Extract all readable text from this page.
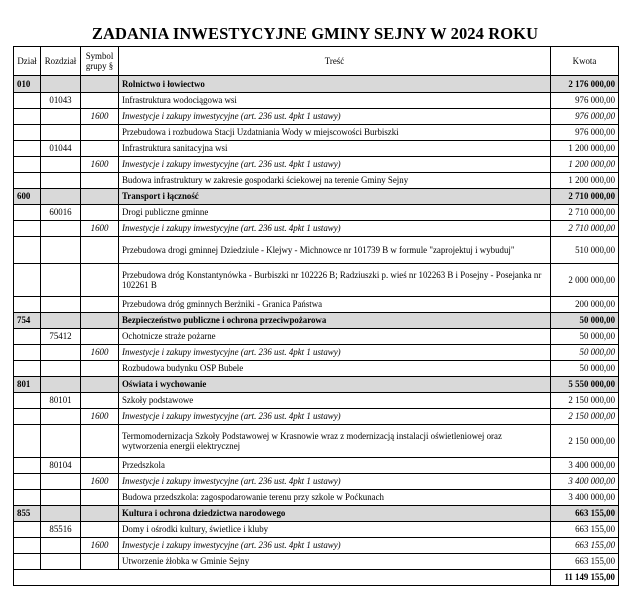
ZADANIA INWESTYCYJNE GMINY SEJNY W 2024 ROKU
Dział	Rozdział	Symbol grupy §	Treść	Kwota
010			Rolnictwo i łowiectwo	2 176 000,00
	01043		Infrastruktura wodociągowa wsi	976 000,00
		1600	Inwestycje i zakupy inwestycyjne (art. 236 ust. 4pkt 1 ustawy)	976 000,00
			Przebudowa i rozbudowa Stacji Uzdatniania Wody w miejscowości Burbiszki	976 000,00
	01044		Infrastruktura sanitacyjna wsi	1 200 000,00
		1600	Inwestycje i zakupy inwestycyjne (art. 236 ust. 4pkt 1 ustawy)	1 200 000,00
			Budowa infrastruktury w zakresie gospodarki ściekowej na terenie Gminy Sejny	1 200 000,00
600			Transport i łączność	2 710 000,00
	60016		Drogi publiczne gminne	2 710 000,00
		1600	Inwestycje i zakupy inwestycyjne (art. 236 ust. 4pkt 1 ustawy)	2 710 000,00
			Przebudowa drogi gminnej Dziedziule - Klejwy - Michnowce nr 101739 B w formule "zaprojektuj i wybuduj"	510 000,00
			Przebudowa dróg Konstantynówka - Burbiszki nr 102226 B; Radziuszki p. wieś nr 102263 B i Posejny - Posejanka nr 102261 B	2 000 000,00
			Przebudowa dróg gminnych Berżniki - Granica Państwa	200 000,00
754			Bezpieczeństwo publiczne i ochrona przeciwpożarowa	50 000,00
	75412		Ochotnicze straże pożarne	50 000,00
		1600	Inwestycje i zakupy inwestycyjne (art. 236 ust. 4pkt 1 ustawy)	50 000,00
			Rozbudowa budynku OSP Bubele	50 000,00
801			Oświata i wychowanie	5 550 000,00
	80101		Szkoły podstawowe	2 150 000,00
		1600	Inwestycje i zakupy inwestycyjne (art. 236 ust. 4pkt 1 ustawy)	2 150 000,00
			Termomodernizacja Szkoły Podstawowej w Krasnowie wraz z modernizacją instalacji oświetleniowej oraz wytworzenia energii elektrycznej	2 150 000,00
	80104		Przedszkola	3 400 000,00
		1600	Inwestycje i zakupy inwestycyjne (art. 236 ust. 4pkt 1 ustawy)	3 400 000,00
			Budowa przedszkola: zagospodarowanie terenu przy szkole w Poćkunach	3 400 000,00
855			Kultura i ochrona dziedzictwa narodowego	663 155,00
	85516		Domy i ośrodki kultury, świetlice i kluby	663 155,00
		1600	Inwestycje i zakupy inwestycyjne (art. 236 ust. 4pkt 1 ustawy)	663 155,00
			Utworzenie żłobka w Gminie Sejny	663 155,00
				11 149 155,00
